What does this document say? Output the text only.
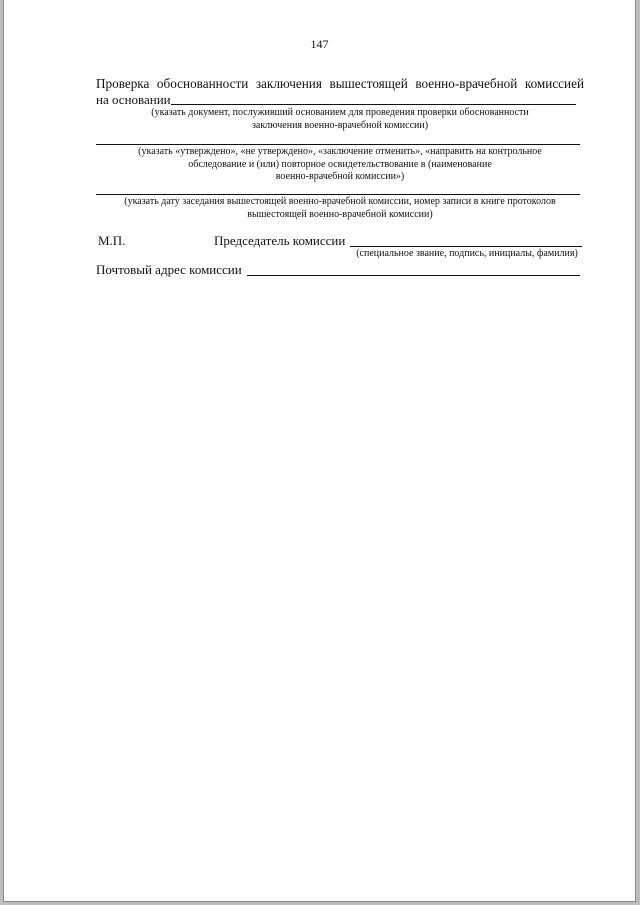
147
Проверка обоснованности заключения вышестоящей военно-врачебной комиссией
на основании
(указать документ, послуживший основанием для проведения проверки обоснованности
заключения военно-врачебной комиссии)
(указать «утверждено», «не утверждено», «заключение отменить», «направить на контрольное
обследование и (или) повторное освидетельствование в (наименование
военно-врачебной комиссии»)
(указать дату заседания вышестоящей военно-врачебной комиссии, номер записи в книге протоколов
вышестоящей военно-врачебной комиссии)
М.П.	Председатель комиссии
(специальное звание, подпись, инициалы, фамилия)
Почтовый адрес комиссии
